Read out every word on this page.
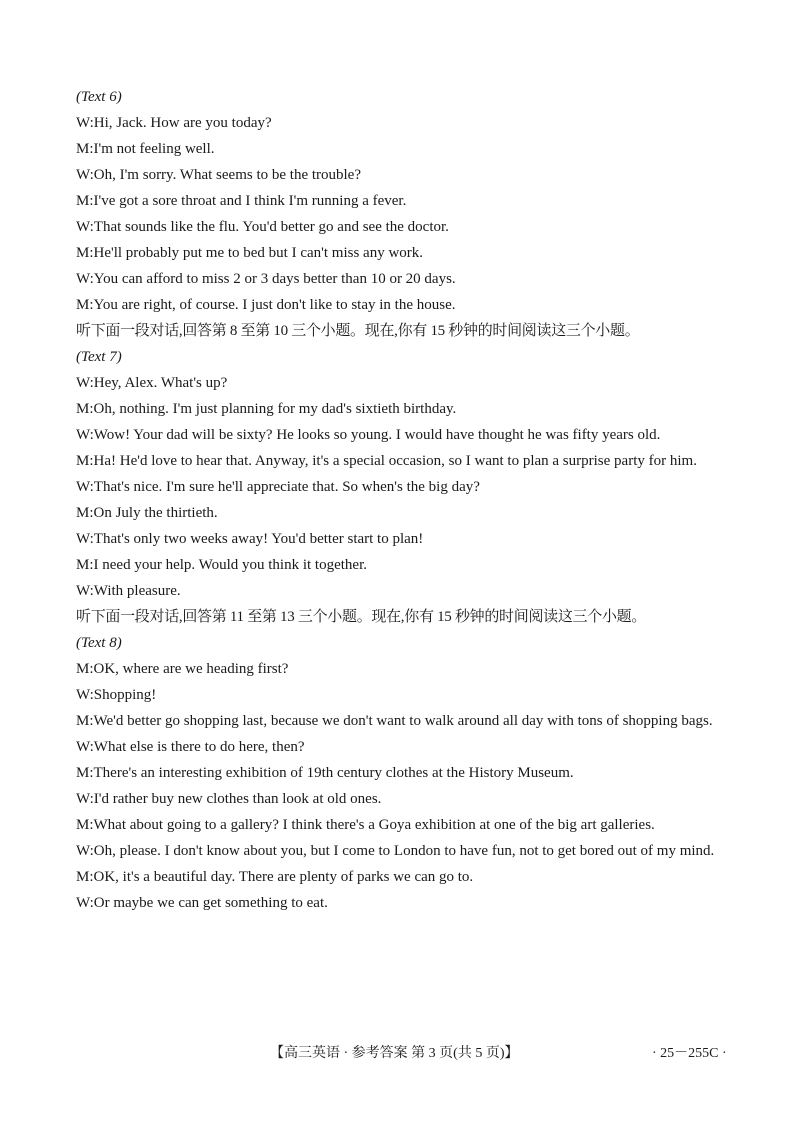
(Text 6)
W: Hi, Jack. How are you today?
M: I'm not feeling well.
W: Oh, I'm sorry. What seems to be the trouble?
M: I've got a sore throat and I think I'm running a fever.
W: That sounds like the flu. You'd better go and see the doctor.
M: He'll probably put me to bed but I can't miss any work.
W: You can afford to miss 2 or 3 days better than 10 or 20 days.
M: You are right, of course. I just don't like to stay in the house.
听下面一段对话,回答第 8 至第 10 三个小题。现在,你有 15 秒钟的时间阅读这三个小题。
(Text 7)
W: Hey, Alex. What's up?
M: Oh, nothing. I'm just planning for my dad's sixtieth birthday.
W: Wow! Your dad will be sixty? He looks so young. I would have thought he was fifty years old.
M: Ha! He'd love to hear that. Anyway, it's a special occasion, so I want to plan a surprise party for him.
W: That's nice. I'm sure he'll appreciate that. So when's the big day?
M: On July the thirtieth.
W: That's only two weeks away! You'd better start to plan!
M: I need your help. Would you think it together.
W: With pleasure.
听下面一段对话,回答第 11 至第 13 三个小题。现在,你有 15 秒钟的时间阅读这三个小题。
(Text 8)
M: OK, where are we heading first?
W: Shopping!
M: We'd better go shopping last, because we don't want to walk around all day with tons of shopping bags.
W: What else is there to do here, then?
M: There's an interesting exhibition of 19th century clothes at the History Museum.
W: I'd rather buy new clothes than look at old ones.
M: What about going to a gallery? I think there's a Goya exhibition at one of the big art galleries.
W: Oh, please. I don't know about you, but I come to London to have fun, not to get bored out of my mind.
M: OK, it's a beautiful day. There are plenty of parks we can go to.
W: Or maybe we can get something to eat.
【高三英语 · 参考答案 第 3 页(共 5 页)】	· 25－255C ·
